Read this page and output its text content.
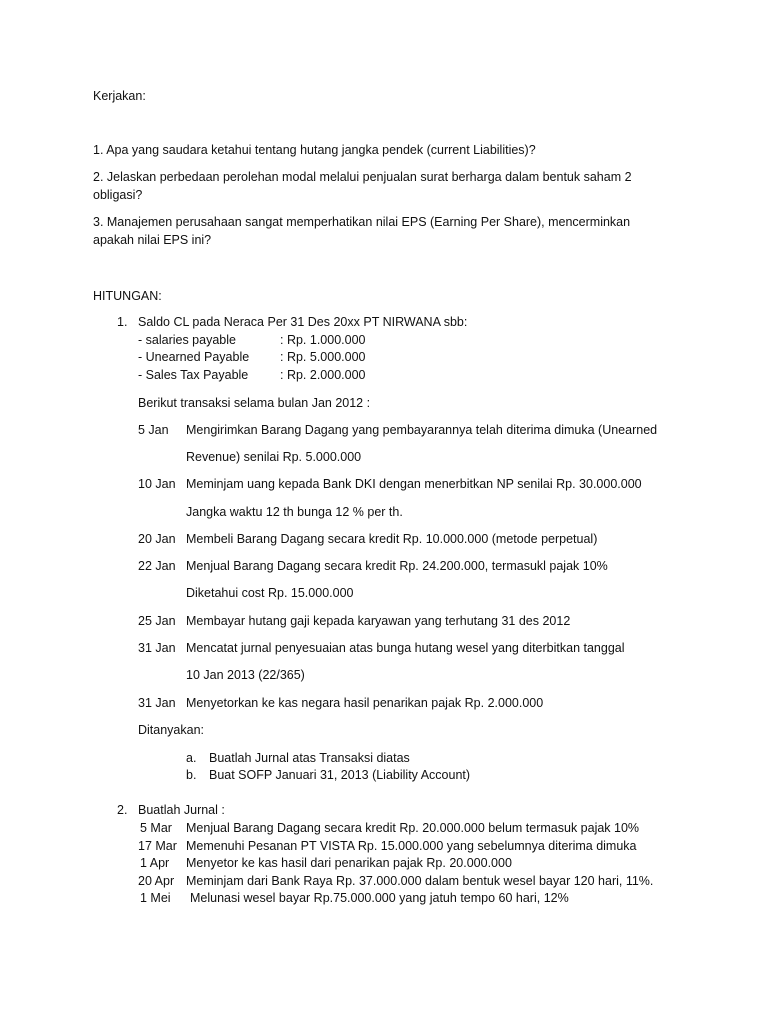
Kerjakan:
1. Apa yang saudara ketahui tentang hutang jangka pendek (current Liabilities)?
2. Jelaskan perbedaan perolehan modal melalui penjualan surat berharga dalam bentuk saham 2
obligasi?
3. Manajemen perusahaan sangat memperhatikan nilai EPS (Earning Per Share), mencerminkan
apakah nilai EPS ini?
HITUNGAN:
1. Saldo CL pada Neraca Per 31 Des 20xx PT NIRWANA sbb:
- salaries payable	: Rp. 1.000.000
- Unearned Payable : Rp. 5.000.000
- Sales Tax Payable	: Rp. 2.000.000
Berikut transaksi selama bulan Jan 2012 :
5 Jan Mengirimkan Barang Dagang yang pembayarannya telah diterima dimuka (Unearned
Revenue) senilai Rp. 5.000.000
10 Jan Meminjam uang kepada Bank DKI dengan menerbitkan NP senilai Rp. 30.000.000
Jangka waktu 12 th bunga 12 % per th.
20 Jan Membeli Barang Dagang secara kredit Rp. 10.000.000 (metode perpetual)
22 Jan Menjual Barang Dagang secara kredit Rp. 24.200.000, termasukl pajak 10%
Diketahui cost Rp. 15.000.000
25 Jan Membayar hutang gaji kepada karyawan yang terhutang 31 des 2012
31 Jan Mencatat jurnal penyesuaian atas bunga hutang wesel yang diterbitkan tanggal
10 Jan 2013 (22/365)
31 Jan Menyetorkan ke kas negara hasil penarikan pajak Rp. 2.000.000
Ditanyakan:
a. Buatlah Jurnal atas Transaksi diatas
b. Buat SOFP Januari 31, 2013 (Liability Account)
2. Buatlah Jurnal :
5 Mar Menjual Barang Dagang secara kredit Rp. 20.000.000 belum termasuk pajak 10%
17 Mar Memenuhi Pesanan PT VISTA Rp. 15.000.000 yang sebelumnya diterima dimuka
1 Apr Menyetor ke kas hasil dari penarikan pajak Rp. 20.000.000
20 Apr Meminjam dari Bank Raya Rp. 37.000.000 dalam bentuk wesel bayar 120 hari, 11%.
1 Mei Melunasi wesel bayar Rp.75.000.000 yang jatuh tempo 60 hari, 12%
